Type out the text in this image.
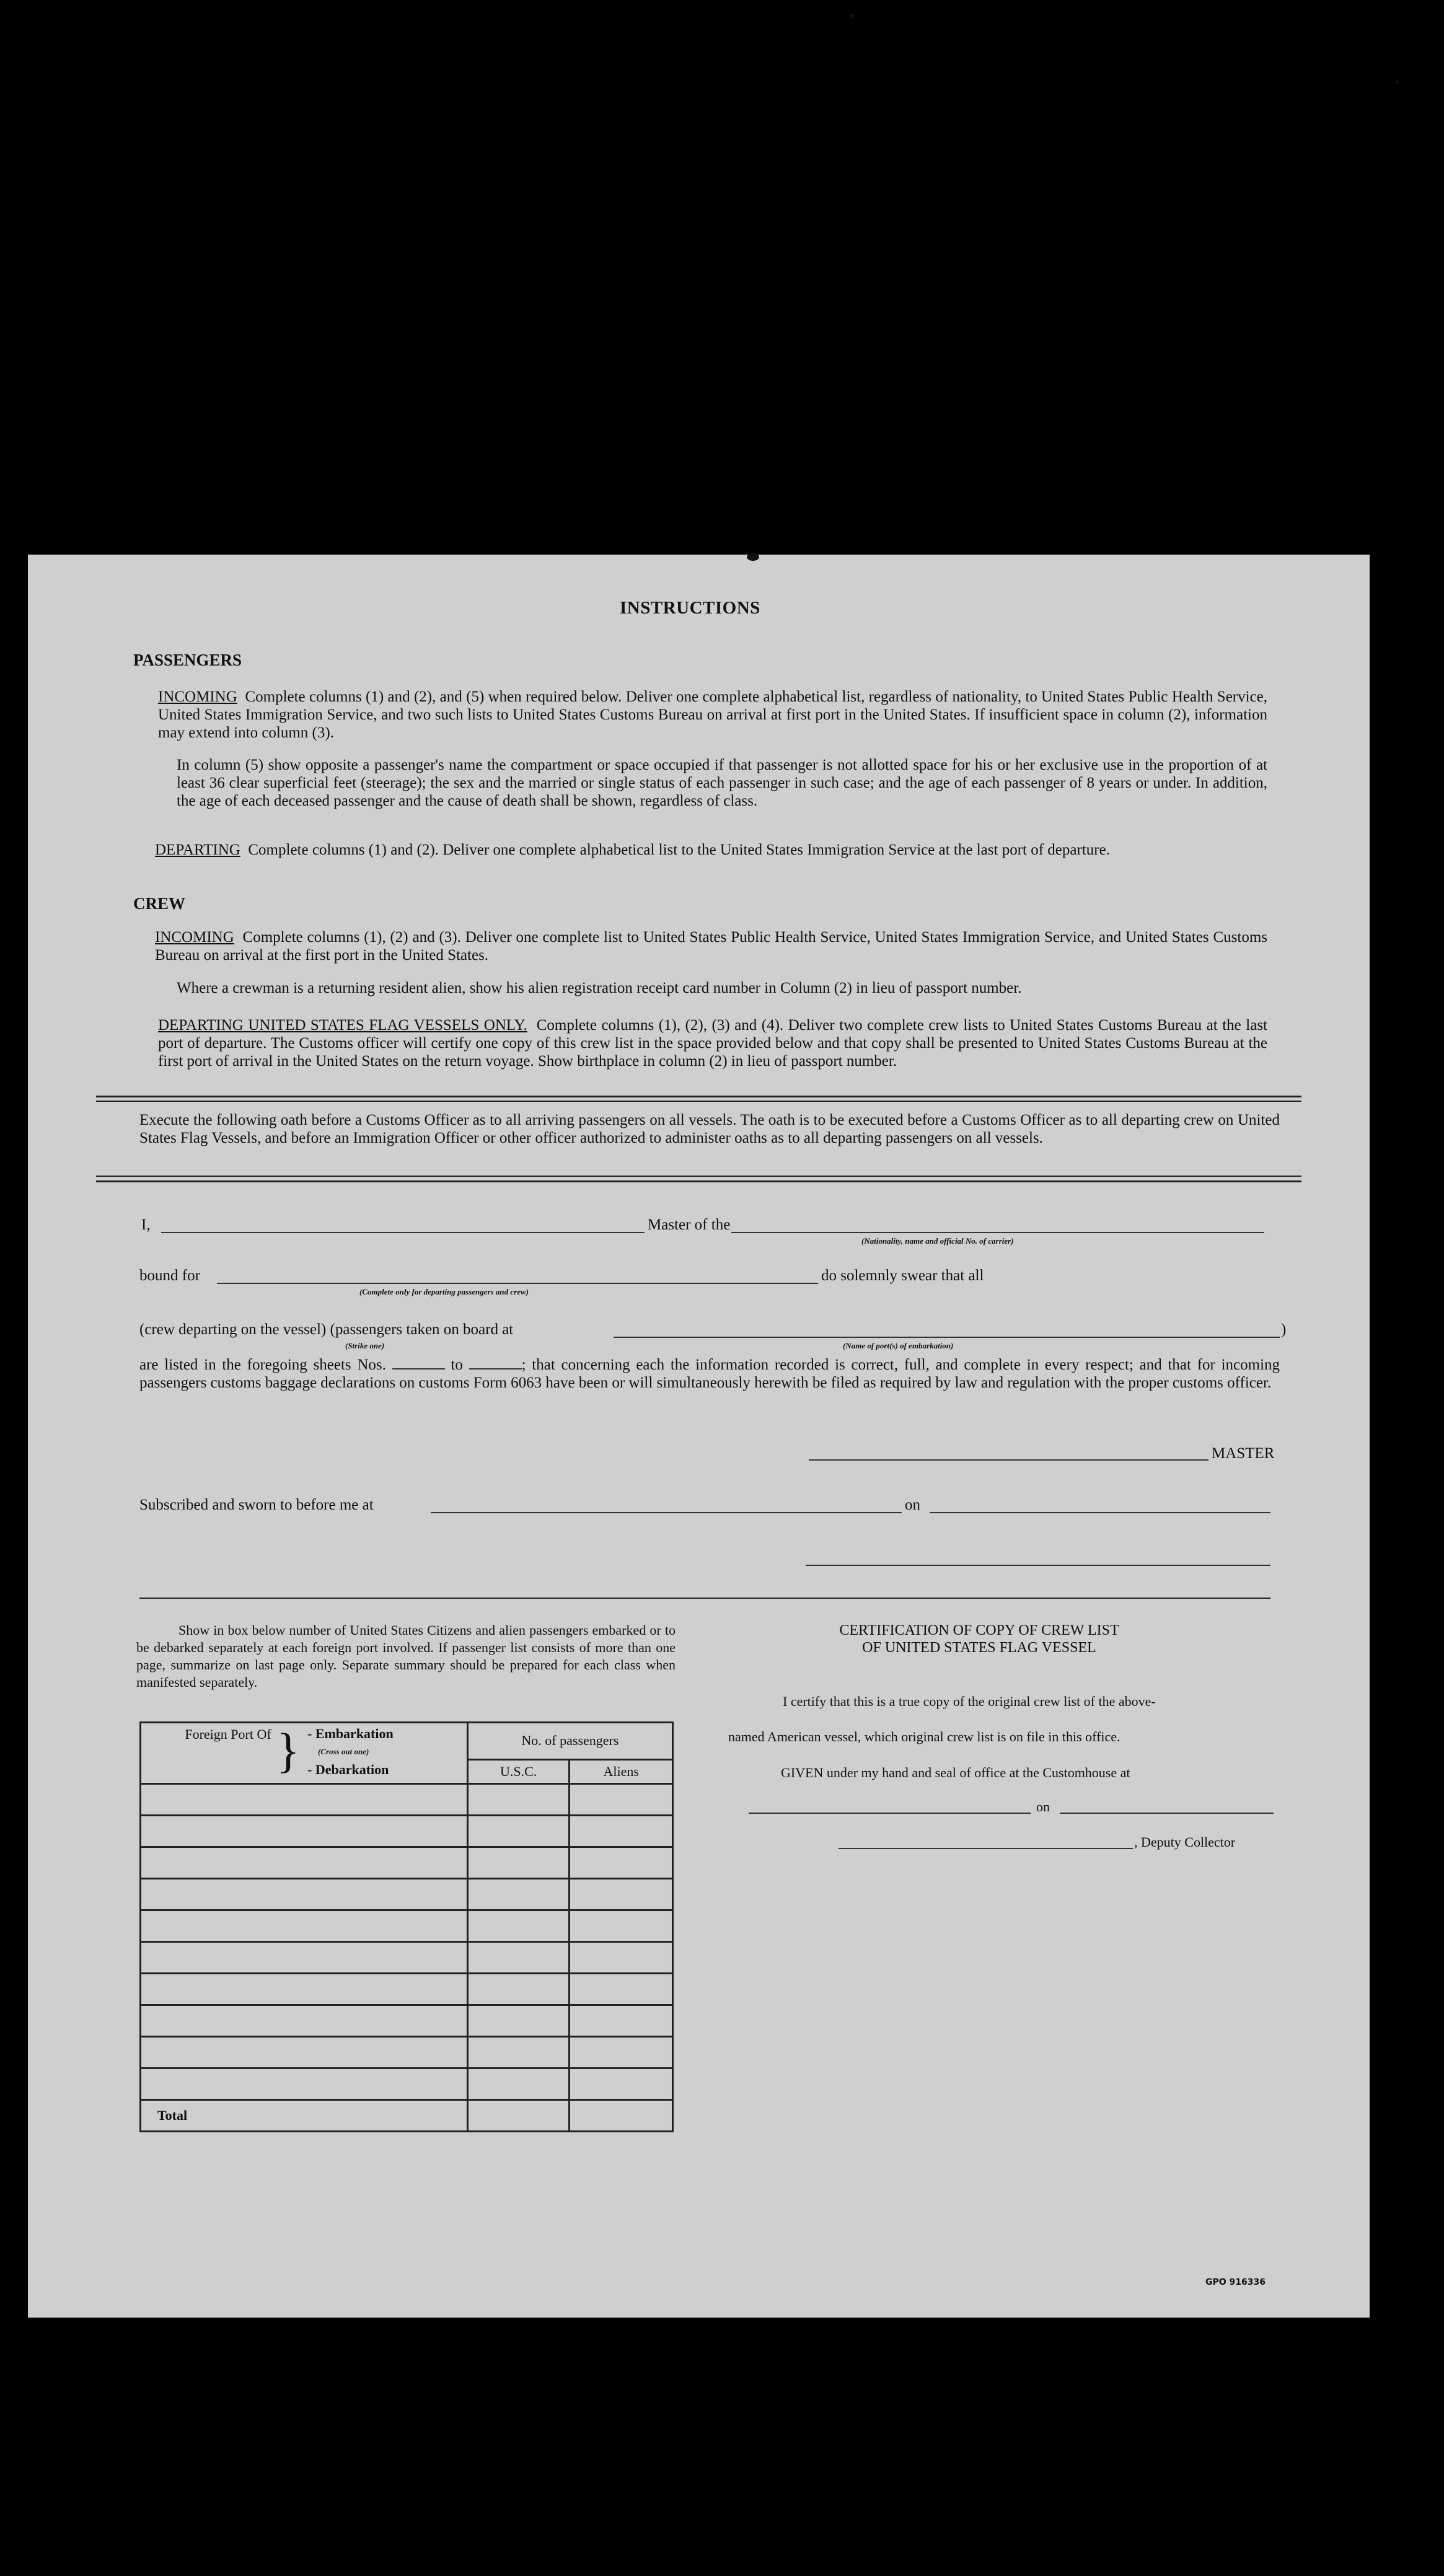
INSTRUCTIONS
PASSENGERS
INCOMING Complete columns (1) and (2), and (5) when required below. Deliver one complete alphabetical list, regardless of nationality, to United States Public Health Service, United States Immigration Service, and two such lists to United States Customs Bureau on arrival at first port in the United States. If insufficient space in column (2), information may extend into column (3).
In column (5) show opposite a passenger's name the compartment or space occupied if that passenger is not allotted space for his or her exclusive use in the proportion of at least 36 clear superficial feet (steerage); the sex and the married or single status of each passenger in such case; and the age of each passenger of 8 years or under. In addition, the age of each deceased passenger and the cause of death shall be shown, regardless of class.
DEPARTING Complete columns (1) and (2). Deliver one complete alphabetical list to the United States Immigration Service at the last port of departure.
CREW
INCOMING Complete columns (1), (2) and (3). Deliver one complete list to United States Public Health Service, United States Immigration Service, and United States Customs Bureau on arrival at the first port in the United States.
Where a crewman is a returning resident alien, show his alien registration receipt card number in Column (2) in lieu of passport number.
DEPARTING UNITED STATES FLAG VESSELS ONLY. Complete columns (1), (2), (3) and (4). Deliver two complete crew lists to United States Customs Bureau at the last port of departure. The Customs officer will certify one copy of this crew list in the space provided below and that copy shall be presented to United States Customs Bureau at the first port of arrival in the United States on the return voyage. Show birthplace in column (2) in lieu of passport number.
Execute the following oath before a Customs Officer as to all arriving passengers on all vessels. The oath is to be executed before a Customs Officer as to all departing crew on United States Flag Vessels, and before an Immigration Officer or other officer authorized to administer oaths as to all departing passengers on all vessels.
I,	Master of the
(Nationality, name and official No. of carrier)
bound for
(Complete only for departing passengers and crew)
do solemnly swear that all
(crew departing on the vessel) (passengers taken on board at	)
(Strike one)	(Name of port(s) of embarkation)
are listed in the foregoing sheets Nos.	to	; that concerning each the information recorded is correct, full, and complete in every respect; and that for incoming passengers customs baggage declarations on customs Form 6063 have been or will simultaneously herewith be filed as required by law and regulation with the proper customs officer.
MASTER
Subscribed and sworn to before me at	on
Show in box below number of United States Citizens and alien passengers embarked or to be debarked separately at each foreign port involved. If passenger list consists of more than one page, summarize on last page only. Separate summary should be prepared for each class when manifested separately.
Foreign Port Of } - Embarkation
(Cross out one)
- Debarkation	No. of passengers	
	U.S.C.	Aliens

Total		
CERTIFICATION OF COPY OF CREW LIST
OF UNITED STATES FLAG VESSEL
I certify that this is a true copy of the original crew list of the above-
named American vessel, which original crew list is on file in this office.
GIVEN under my hand and seal of office at the Customhouse at
on
, Deputy Collector
GPO 916336
